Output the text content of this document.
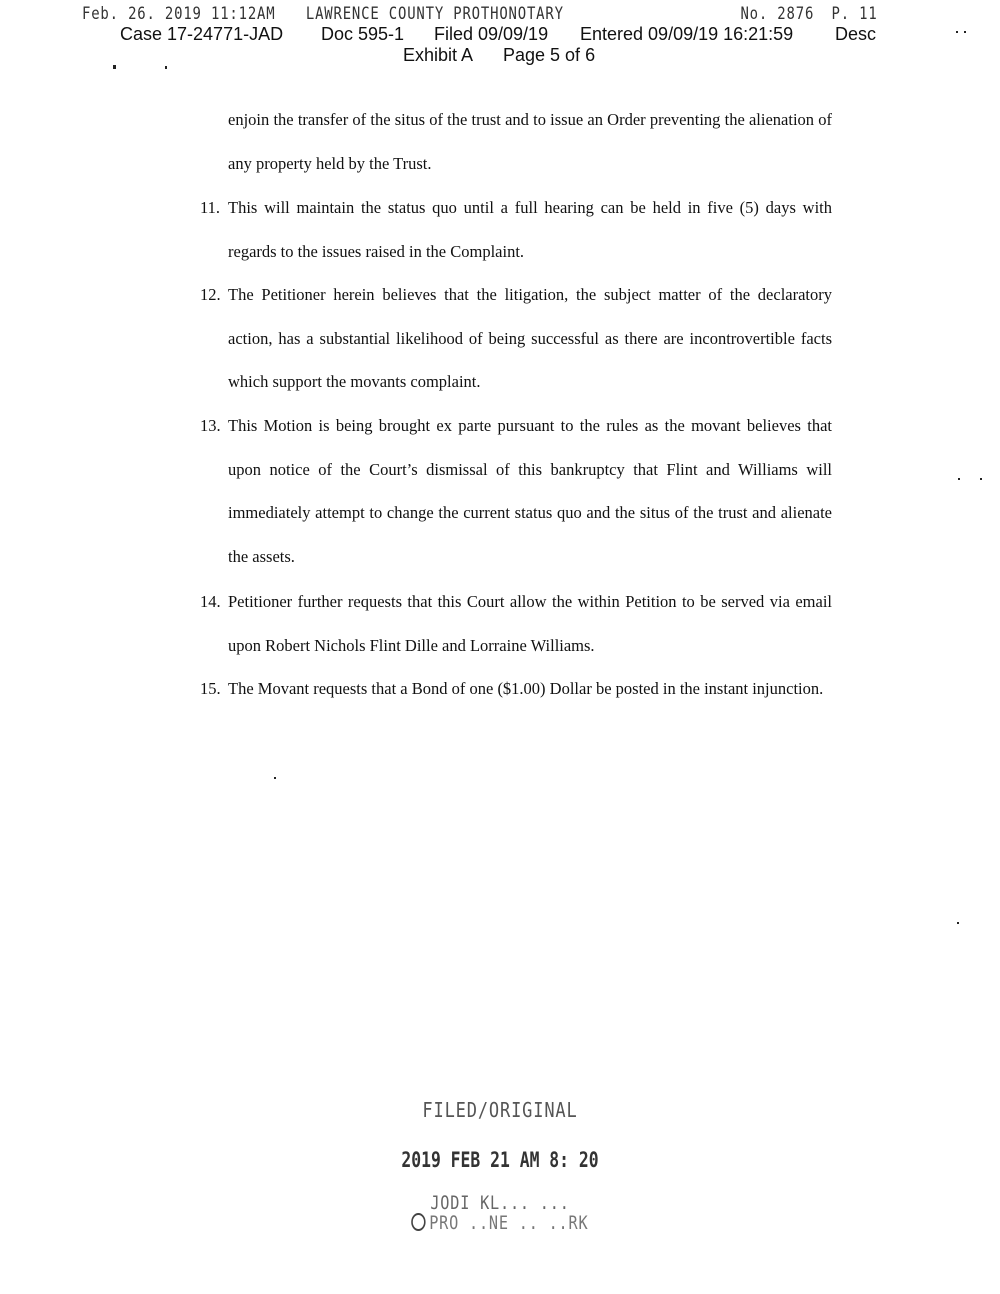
Feb. 26. 2019 11:12AM LAWRENCE COUNTY PROTHONOTARY	No. 2876 P. 11
Case 17-24771-JAD Doc 595-1 Filed 09/09/19 Entered 09/09/19 16:21:59 Desc
Exhibit A Page 5 of 6
enjoin the transfer of the situs of the trust and to issue an Order preventing the alienation of any property held by the Trust.
11. This will maintain the status quo until a full hearing can be held in five (5) days with regards to the issues raised in the Complaint.
12. The Petitioner herein believes that the litigation, the subject matter of the declaratory action, has a substantial likelihood of being successful as there are incontrovertible facts which support the movants complaint.
13. This Motion is being brought ex parte pursuant to the rules as the movant believes that upon notice of the Court’s dismissal of this bankruptcy that Flint and Williams will immediately attempt to change the current status quo and the situs of the trust and alienate the assets.
14. Petitioner further requests that this Court allow the within Petition to be served via email upon Robert Nichols Flint Dille and Lorraine Williams.
15. The Movant requests that a Bond of one ($1.00) Dollar be posted in the instant injunction.
FILED/ORIGINAL
2019 FEB 21 AM 8: 20
JODI KL... ...
PRO ..NE .. ..RK
